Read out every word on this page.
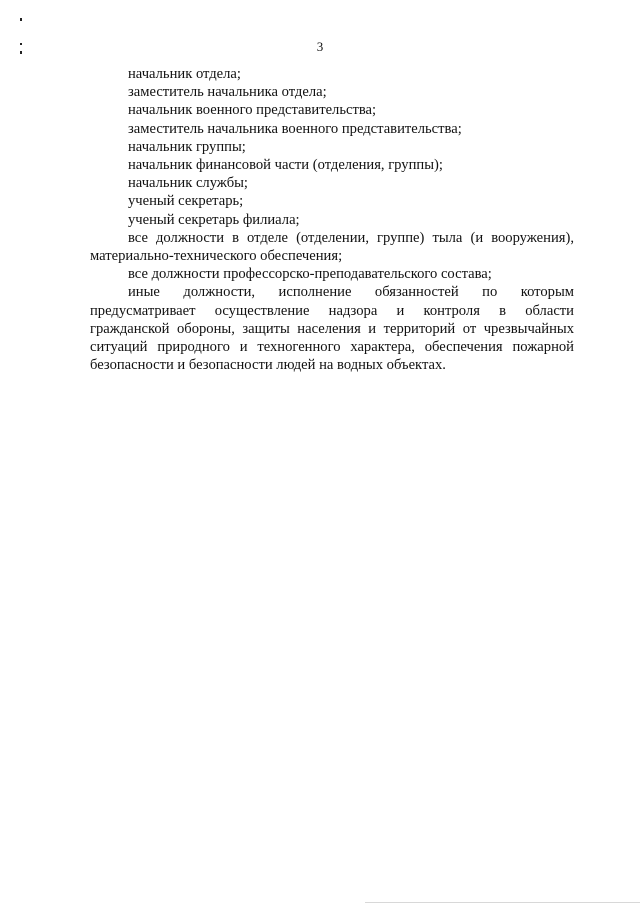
3

начальник отдела;

заместитель начальника отдела;

начальник военного представительства;

заместитель начальника военного представительства;

начальник группы;

начальник финансовой части (отделения, группы);

начальник службы;

ученый секретарь;

ученый секретарь филиала;

все должности в отделе (отделении, группе) тыла (и вооружения),
материально-технического обеспечения;

все должности профессорско-преподавательского состава;

иные должности, исполнение обязанностей по которым
предусматривает осуществление надзора и контроля в области
гражданской обороны, защиты населения и территорий от чрезвычайных
ситуаций природного и техногенного характера, обеспечения пожарной
безопасности и безопасности людей на водных объектах.
